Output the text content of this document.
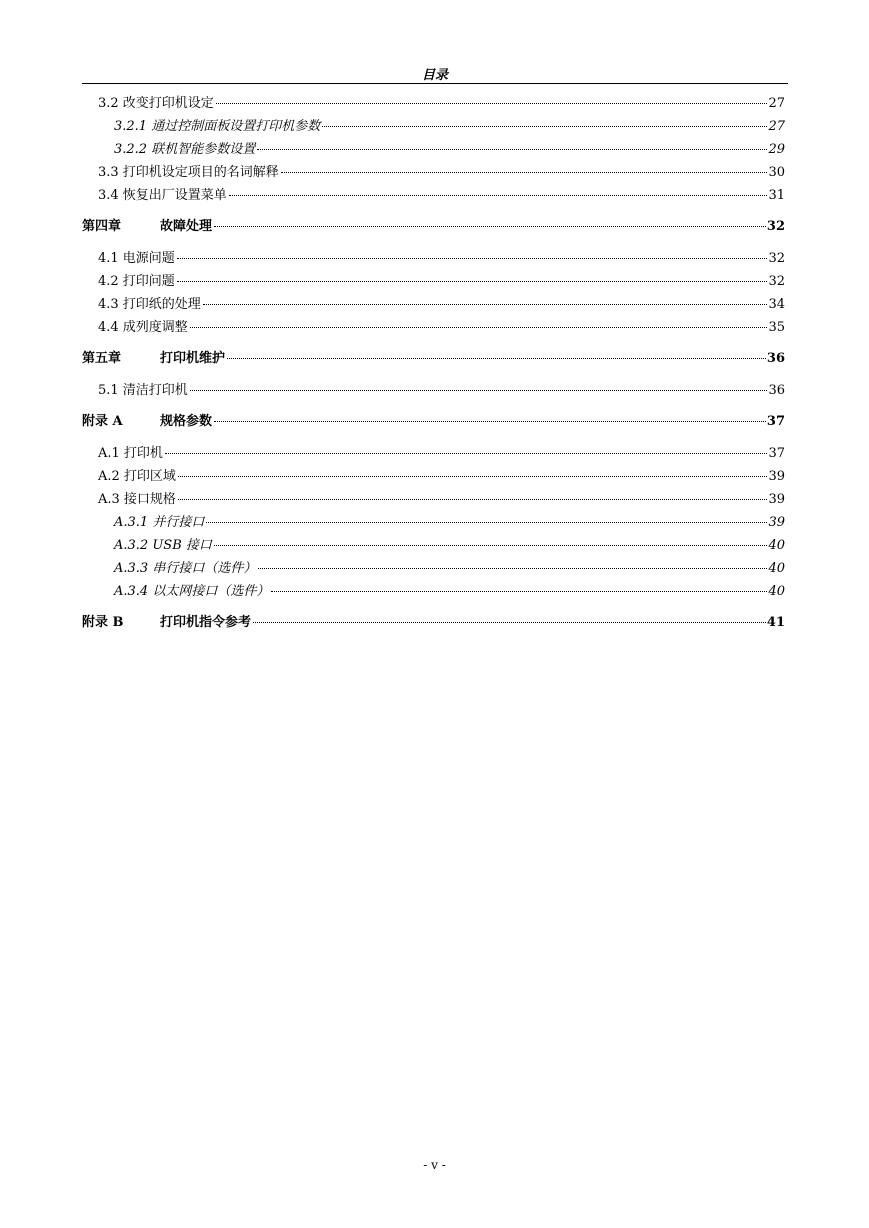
目录
3.2 改变打印机设定	27
3.2.1 通过控制面板设置打印机参数	27
3.2.2 联机智能参数设置	29
3.3 打印机设定项目的名词解释	30
3.4 恢复出厂设置菜单	31
第四章	故障处理	32
4.1 电源问题	32
4.2 打印问题	32
4.3 打印纸的处理	34
4.4 成列度调整	35
第五章	打印机维护	36
5.1 清洁打印机	36
附录 A	规格参数	37
A.1 打印机	37
A.2 打印区域	39
A.3 接口规格	39
A.3.1 并行接口	39
A.3.2 USB 接口	40
A.3.3 串行接口（选件）	40
A.3.4 以太网接口（选件）	40
附录 B	打印机指令参考	41
- v -
